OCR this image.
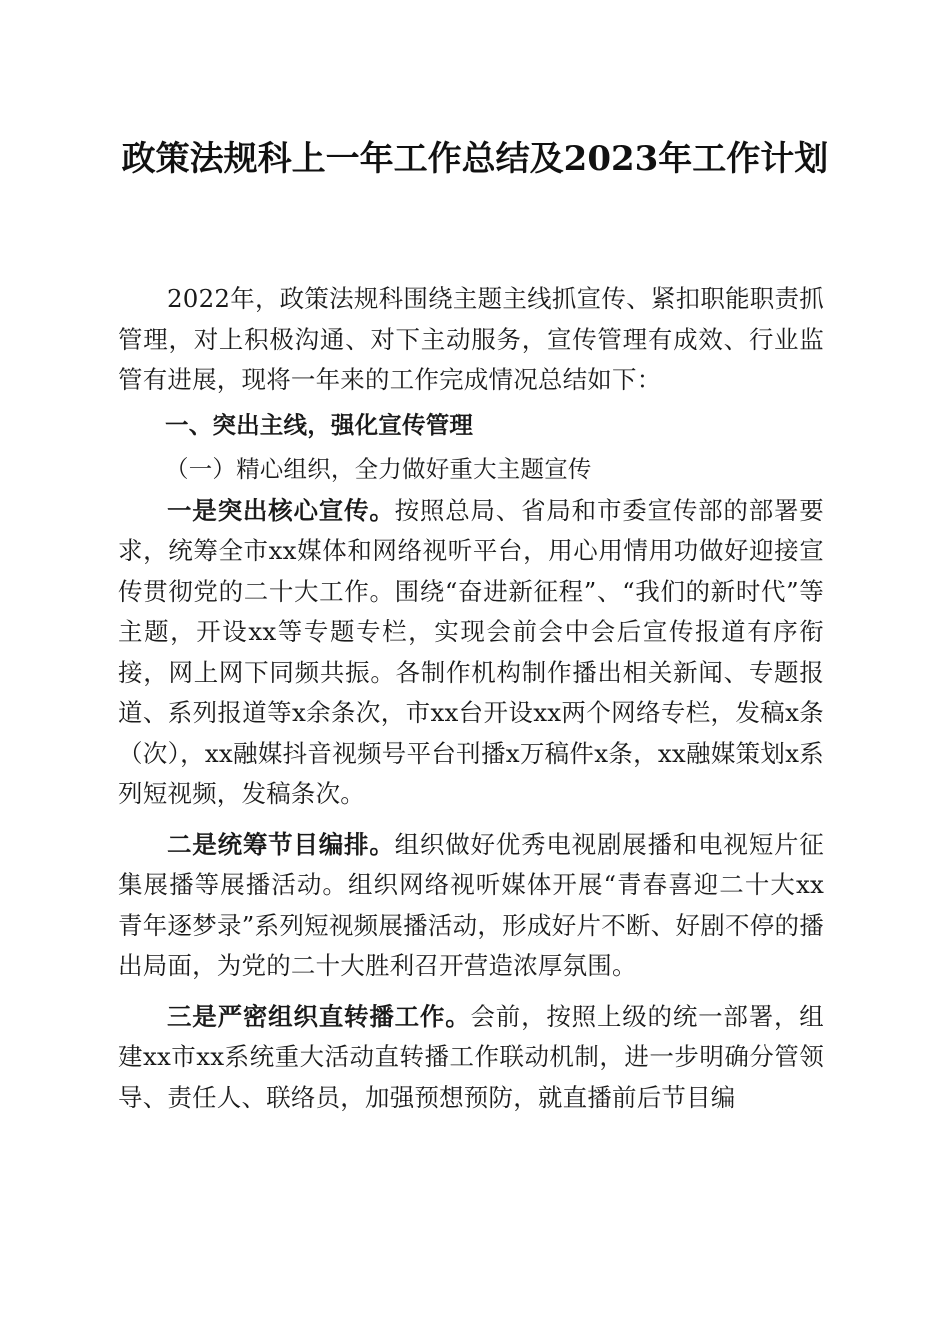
政策法规科上一年工作总结及2023年工作计划

2022年，政策法规科围绕主题主线抓宣传、紧扣职能职责抓管理，对上积极沟通、对下主动服务，宣传管理有成效、行业监管有进展，现将一年来的工作完成情况总结如下：

一、突出主线，强化宣传管理

（一）精心组织，全力做好重大主题宣传

一是突出核心宣传。按照总局、省局和市委宣传部的部署要求，统筹全市xx媒体和网络视听平台，用心用情用功做好迎接宣传贯彻党的二十大工作。围绕“奋进新征程”、“我们的新时代”等主题，开设xx等专题专栏，实现会前会中会后宣传报道有序衔接，网上网下同频共振。各制作机构制作播出相关新闻、专题报道、系列报道等x余条次，市xx台开设xx两个网络专栏，发稿x条（次），xx融媒抖音视频号平台刊播x万稿件x条，xx融媒策划x系列短视频，发稿条次。

二是统筹节目编排。组织做好优秀电视剧展播和电视短片征集展播等展播活动。组织网络视听媒体开展“青春喜迎二十大xx青年逐梦录”系列短视频展播活动，形成好片不断、好剧不停的播出局面，为党的二十大胜利召开营造浓厚氛围。

三是严密组织直转播工作。会前，按照上级的统一部署，组建xx市xx系统重大活动直转播工作联动机制，进一步明确分管领导、责任人、联络员，加强预想预防，就直播前后节目编
